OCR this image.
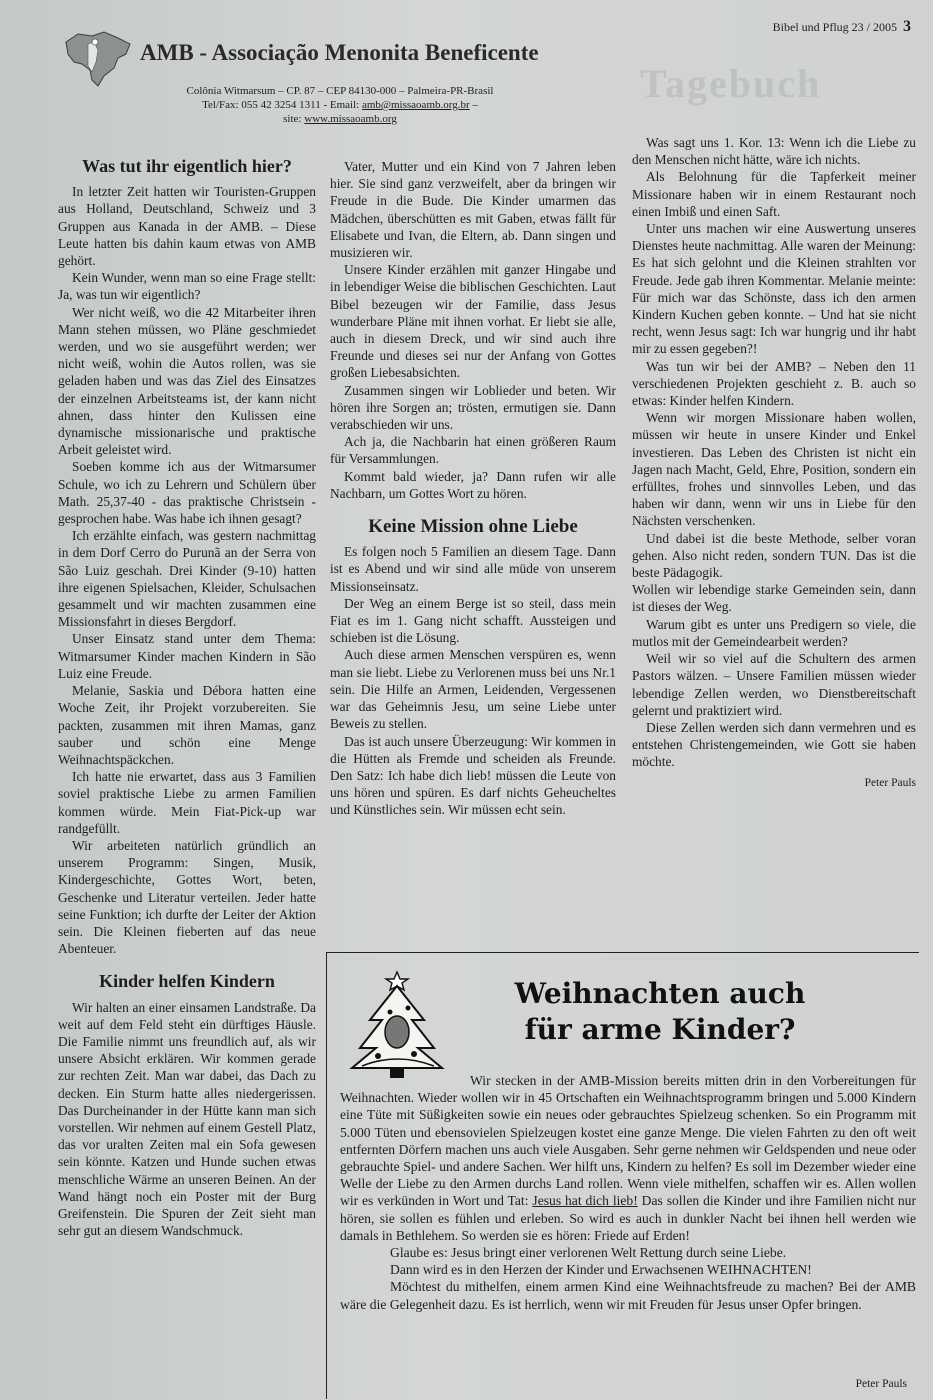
Tagebuch
Bibel und Pflug 23 / 2005 3
AMB - Associação Menonita Beneficente
Colônia Witmarsum – CP. 87 – CEP 84130-000 – Palmeira-PR-Brasil
Tel/Fax: 055 42 3254 1311 - Email: amb@missaoamb.org.br –
site: www.missaoamb.org
Was tut ihr eigentlich hier?

In letzter Zeit hatten wir Touristen-Gruppen aus Holland, Deutschland, Schweiz und 3 Gruppen aus Kanada in der AMB. – Diese Leute hatten bis dahin kaum etwas von AMB gehört.

Kein Wunder, wenn man so eine Frage stellt: Ja, was tun wir eigentlich?

Wer nicht weiß, wo die 42 Mitarbeiter ihren Mann stehen müssen, wo Pläne geschmiedet werden, und wo sie ausgeführt werden; wer nicht weiß, wohin die Autos rollen, was sie geladen haben und was das Ziel des Einsatzes der einzelnen Arbeitsteams ist, der kann nicht ahnen, dass hinter den Kulissen eine dynamische missionarische und praktische Arbeit geleistet wird.

Soeben komme ich aus der Witmarsumer Schule, wo ich zu Lehrern und Schülern über Math. 25,37-40 - das praktische Christsein - gesprochen habe. Was habe ich ihnen gesagt?

Ich erzählte einfach, was gestern nachmittag in dem Dorf Cerro do Purunã an der Serra von São Luiz geschah. Drei Kinder (9-10) hatten ihre eigenen Spielsachen, Kleider, Schulsachen gesammelt und wir machten zusammen eine Missionsfahrt in dieses Bergdorf.

Unser Einsatz stand unter dem Thema: Witmarsumer Kinder machen Kindern in São Luiz eine Freude.

Melanie, Saskia und Débora hatten eine Woche Zeit, ihr Projekt vorzubereiten. Sie packten, zusammen mit ihren Mamas, ganz sauber und schön eine Menge Weihnachtspäckchen.

Ich hatte nie erwartet, dass aus 3 Familien soviel praktische Liebe zu armen Familien kommen würde. Mein Fiat-Pick-up war randgefüllt.

Wir arbeiteten natürlich gründlich an unserem Programm: Singen, Musik, Kindergeschichte, Gottes Wort, beten, Geschenke und Literatur verteilen. Jeder hatte seine Funktion; ich durfte der Leiter der Aktion sein. Die Kleinen fieberten auf das neue Abenteuer.

Kinder helfen Kindern

Wir halten an einer einsamen Landstraße. Da weit auf dem Feld steht ein dürftiges Häusle. Die Familie nimmt uns freundlich auf, als wir unsere Absicht erklären. Wir kommen gerade zur rechten Zeit. Man war dabei, das Dach zu decken. Ein Sturm hatte alles niedergerissen. Das Durcheinander in der Hütte kann man sich vorstellen. Wir nehmen auf einem Gestell Platz, das vor uralten Zeiten mal ein Sofa gewesen sein könnte. Katzen und Hunde suchen etwas menschliche Wärme an unseren Beinen. An der Wand hängt noch ein Poster mit der Burg Greifenstein. Die Spuren der Zeit sieht man sehr gut an diesem Wandschmuck.

Vater, Mutter und ein Kind von 7 Jahren leben hier. Sie sind ganz verzweifelt, aber da bringen wir Freude in die Bude. Die Kinder umarmen das Mädchen, überschütten es mit Gaben, etwas fällt für Elisabete und Ivan, die Eltern, ab. Dann singen und musizieren wir.

Unsere Kinder erzählen mit ganzer Hingabe und in lebendiger Weise die biblischen Geschichten. Laut Bibel bezeugen wir der Familie, dass Jesus wunderbare Pläne mit ihnen vorhat. Er liebt sie alle, auch in diesem Dreck, und wir sind auch ihre Freunde und dieses sei nur der Anfang von Gottes großen Liebesabsichten.

Zusammen singen wir Loblieder und beten. Wir hören ihre Sorgen an; trösten, ermutigen sie. Dann verabschieden wir uns.

Ach ja, die Nachbarin hat einen größeren Raum für Versammlungen.

Kommt bald wieder, ja? Dann rufen wir alle Nachbarn, um Gottes Wort zu hören.

Keine Mission ohne Liebe

Es folgen noch 5 Familien an diesem Tage. Dann ist es Abend und wir sind alle müde von unserem Missionseinsatz.

Der Weg an einem Berge ist so steil, dass mein Fiat es im 1. Gang nicht schafft. Aussteigen und schieben ist die Lösung.

Auch diese armen Menschen verspüren es, wenn man sie liebt. Liebe zu Verlorenen muss bei uns Nr.1 sein. Die Hilfe an Armen, Leidenden, Vergessenen war das Geheimnis Jesu, um seine Liebe unter Beweis zu stellen.

Das ist auch unsere Überzeugung: Wir kommen in die Hütten als Fremde und scheiden als Freunde. Den Satz: Ich habe dich lieb! müssen die Leute von uns hören und spüren. Es darf nichts Geheucheltes und Künstliches sein. Wir müssen echt sein.

Was sagt uns 1. Kor. 13: Wenn ich die Liebe zu den Menschen nicht hätte, wäre ich nichts.

Als Belohnung für die Tapferkeit meiner Missionare haben wir in einem Restaurant noch einen Imbiß und einen Saft.

Unter uns machen wir eine Auswertung unseres Dienstes heute nachmittag. Alle waren der Meinung: Es hat sich gelohnt und die Kleinen strahlten vor Freude. Jede gab ihren Kommentar. Melanie meinte: Für mich war das Schönste, dass ich den armen Kindern Kuchen geben konnte. – Und hat sie nicht recht, wenn Jesus sagt: Ich war hungrig und ihr habt mir zu essen gegeben?!

Was tun wir bei der AMB? – Neben den 11 verschiedenen Projekten geschieht z. B. auch so etwas: Kinder helfen Kindern.

Wenn wir morgen Missionare haben wollen, müssen wir heute in unsere Kinder und Enkel investieren. Das Leben des Christen ist nicht ein Jagen nach Macht, Geld, Ehre, Position, sondern ein erfülltes, frohes und sinnvolles Leben, und das haben wir dann, wenn wir uns in Liebe für den Nächsten verschenken.

Und dabei ist die beste Methode, selber voran gehen. Also nicht reden, sondern TUN. Das ist die beste Pädagogik.

Wollen wir lebendige starke Gemeinden sein, dann ist dieses der Weg.

Warum gibt es unter uns Predigern so viele, die mutlos mit der Gemeindearbeit werden?

Weil wir so viel auf die Schultern des armen Pastors wälzen. – Unsere Familien müssen wieder lebendige Zellen werden, wo Dienstbereitschaft gelernt und praktiziert wird.

Diese Zellen werden sich dann vermehren und es entstehen Christengemeinden, wie Gott sie haben möchte.

Peter Pauls
Weihnachten auch
für arme Kinder?

Wir stecken in der AMB-Mission bereits mitten drin in den Vorbereitungen für Weihnachten. Wieder wollen wir in 45 Ortschaften ein Weihnachtsprogramm bringen und 5.000 Kindern eine Tüte mit Süßigkeiten sowie ein neues oder gebrauchtes Spielzeug schenken. So ein Programm mit 5.000 Tüten und ebensovielen Spielzeugen kostet eine ganze Menge. Die vielen Fahrten zu den oft weit entfernten Dörfern machen uns auch viele Ausgaben. Sehr gerne nehmen wir Geldspenden und neue oder gebrauchte Spiel- und andere Sachen. Wer hilft uns, Kindern zu helfen? Es soll im Dezember wieder eine Welle der Liebe zu den Armen durchs Land rollen. Wenn viele mithelfen, schaffen wir es. Allen wollen wir es verkünden in Wort und Tat: Jesus hat dich lieb! Das sollen die Kinder und ihre Familien nicht nur hören, sie sollen es fühlen und erleben. So wird es auch in dunkler Nacht bei ihnen hell werden wie damals in Bethlehem. So werden sie es hören: Friede auf Erden!

Glaube es: Jesus bringt einer verlorenen Welt Rettung durch seine Liebe.

Dann wird es in den Herzen der Kinder und Erwachsenen WEIHNACHTEN!

Möchtest du mithelfen, einem armen Kind eine Weihnachtsfreude zu machen? Bei der AMB wäre die Gelegenheit dazu. Es ist herrlich, wenn wir mit Freuden für Jesus unser Opfer bringen.

Peter Pauls
